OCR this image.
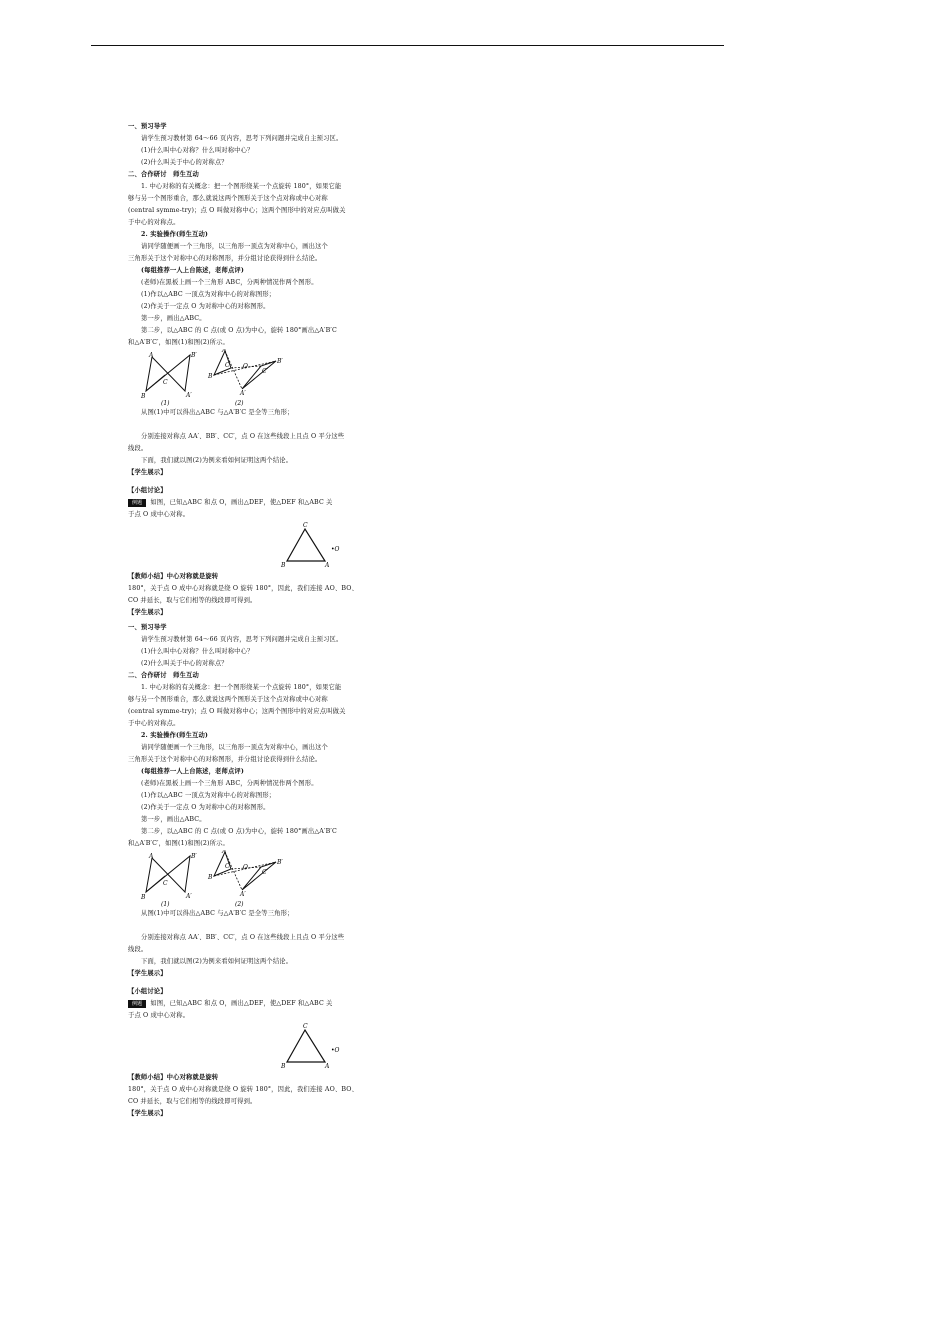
一、预习导学
请学生预习教材第 64～66 页内容，思考下列问题并完成自主预习区。
(1)什么叫中心对称？什么叫对称中心？
(2)什么叫关于中心的对称点？
二、合作研讨　师生互动
1. 中心对称的有关概念：把一个图形绕某一个点旋转 180°，如果它能
够与另一个图形重合，那么就说这两个图形关于这个点对称或中心对称
(central symme-try)；点 O 叫做对称中心；这两个图形中的对应点叫做关
于中心的对称点。
2. 实验操作(师生互动)
请同学随便画一个三角形，以三角形一顶点为对称中心，画出这个
三角形关于这个对称中心的对称图形，并分组讨论获得到什么结论。
(每组推荐一人上台陈述，老师点评)
(老师)在黑板上画一个三角形 ABC，分两种情况作两个图形。
(1)作以△ABC 一顶点为对称中心的对称图形；
(2)作关于一定点 O 为对称中心的对称图形。
第一步，画出△ABC。
第二步，以△ABC 的 C 点(或 O 点)为中心，旋转 180°画出△A′B′C
和△A′B′C′，如图(1)和图(2)所示。
A
B
C
B′
A′
(1)
A
B
C O
C′
B′
A′
(2)
从图(1)中可以得出△ABC 与△A′B′C 是全等三角形；
分别连接对称点 AA′、BB′、CC′，点 O 在这些线段上且点 O 平分这些
线段。
下面，我们就以图(2)为例来看如何证明这两个结论。
【学生展示】
【小组讨论】
例题 如图，已知△ABC 和点 O，画出△DEF，使△DEF 和△ABC 关
于点 O 成中心对称。
C
B	A
•O
【教师小结】中心对称就是旋转
180°，关于点 O 成中心对称就是绕 O 旋转 180°，因此，我们连接 AO、BO、
CO 并延长，取与它们相等的线段即可得到。
【学生展示】
一、预习导学
请学生预习教材第 64～66 页内容，思考下列问题并完成自主预习区。
(1)什么叫中心对称？什么叫对称中心？
(2)什么叫关于中心的对称点？
二、合作研讨　师生互动
1. 中心对称的有关概念：把一个图形绕某一个点旋转 180°，如果它能
够与另一个图形重合，那么就说这两个图形关于这个点对称或中心对称
(central symme-try)；点 O 叫做对称中心；这两个图形中的对应点叫做关
于中心的对称点。
2. 实验操作(师生互动)
请同学随便画一个三角形，以三角形一顶点为对称中心，画出这个
三角形关于这个对称中心的对称图形，并分组讨论获得到什么结论。
(每组推荐一人上台陈述，老师点评)
(老师)在黑板上画一个三角形 ABC，分两种情况作两个图形。
(1)作以△ABC 一顶点为对称中心的对称图形；
(2)作关于一定点 O 为对称中心的对称图形。
第一步，画出△ABC。
第二步，以△ABC 的 C 点(或 O 点)为中心，旋转 180°画出△A′B′C
和△A′B′C′，如图(1)和图(2)所示。
A
B
C
B′
A′
(1)
A
B
C O
C′
B′
A′
(2)
从图(1)中可以得出△ABC 与△A′B′C 是全等三角形；
分别连接对称点 AA′、BB′、CC′，点 O 在这些线段上且点 O 平分这些
线段。
下面，我们就以图(2)为例来看如何证明这两个结论。
【学生展示】
【小组讨论】
例题 如图，已知△ABC 和点 O，画出△DEF，使△DEF 和△ABC 关
于点 O 成中心对称。
C
B	A
•O
【教师小结】中心对称就是旋转
180°，关于点 O 成中心对称就是绕 O 旋转 180°，因此，我们连接 AO、BO、
CO 并延长，取与它们相等的线段即可得到。
【学生展示】
